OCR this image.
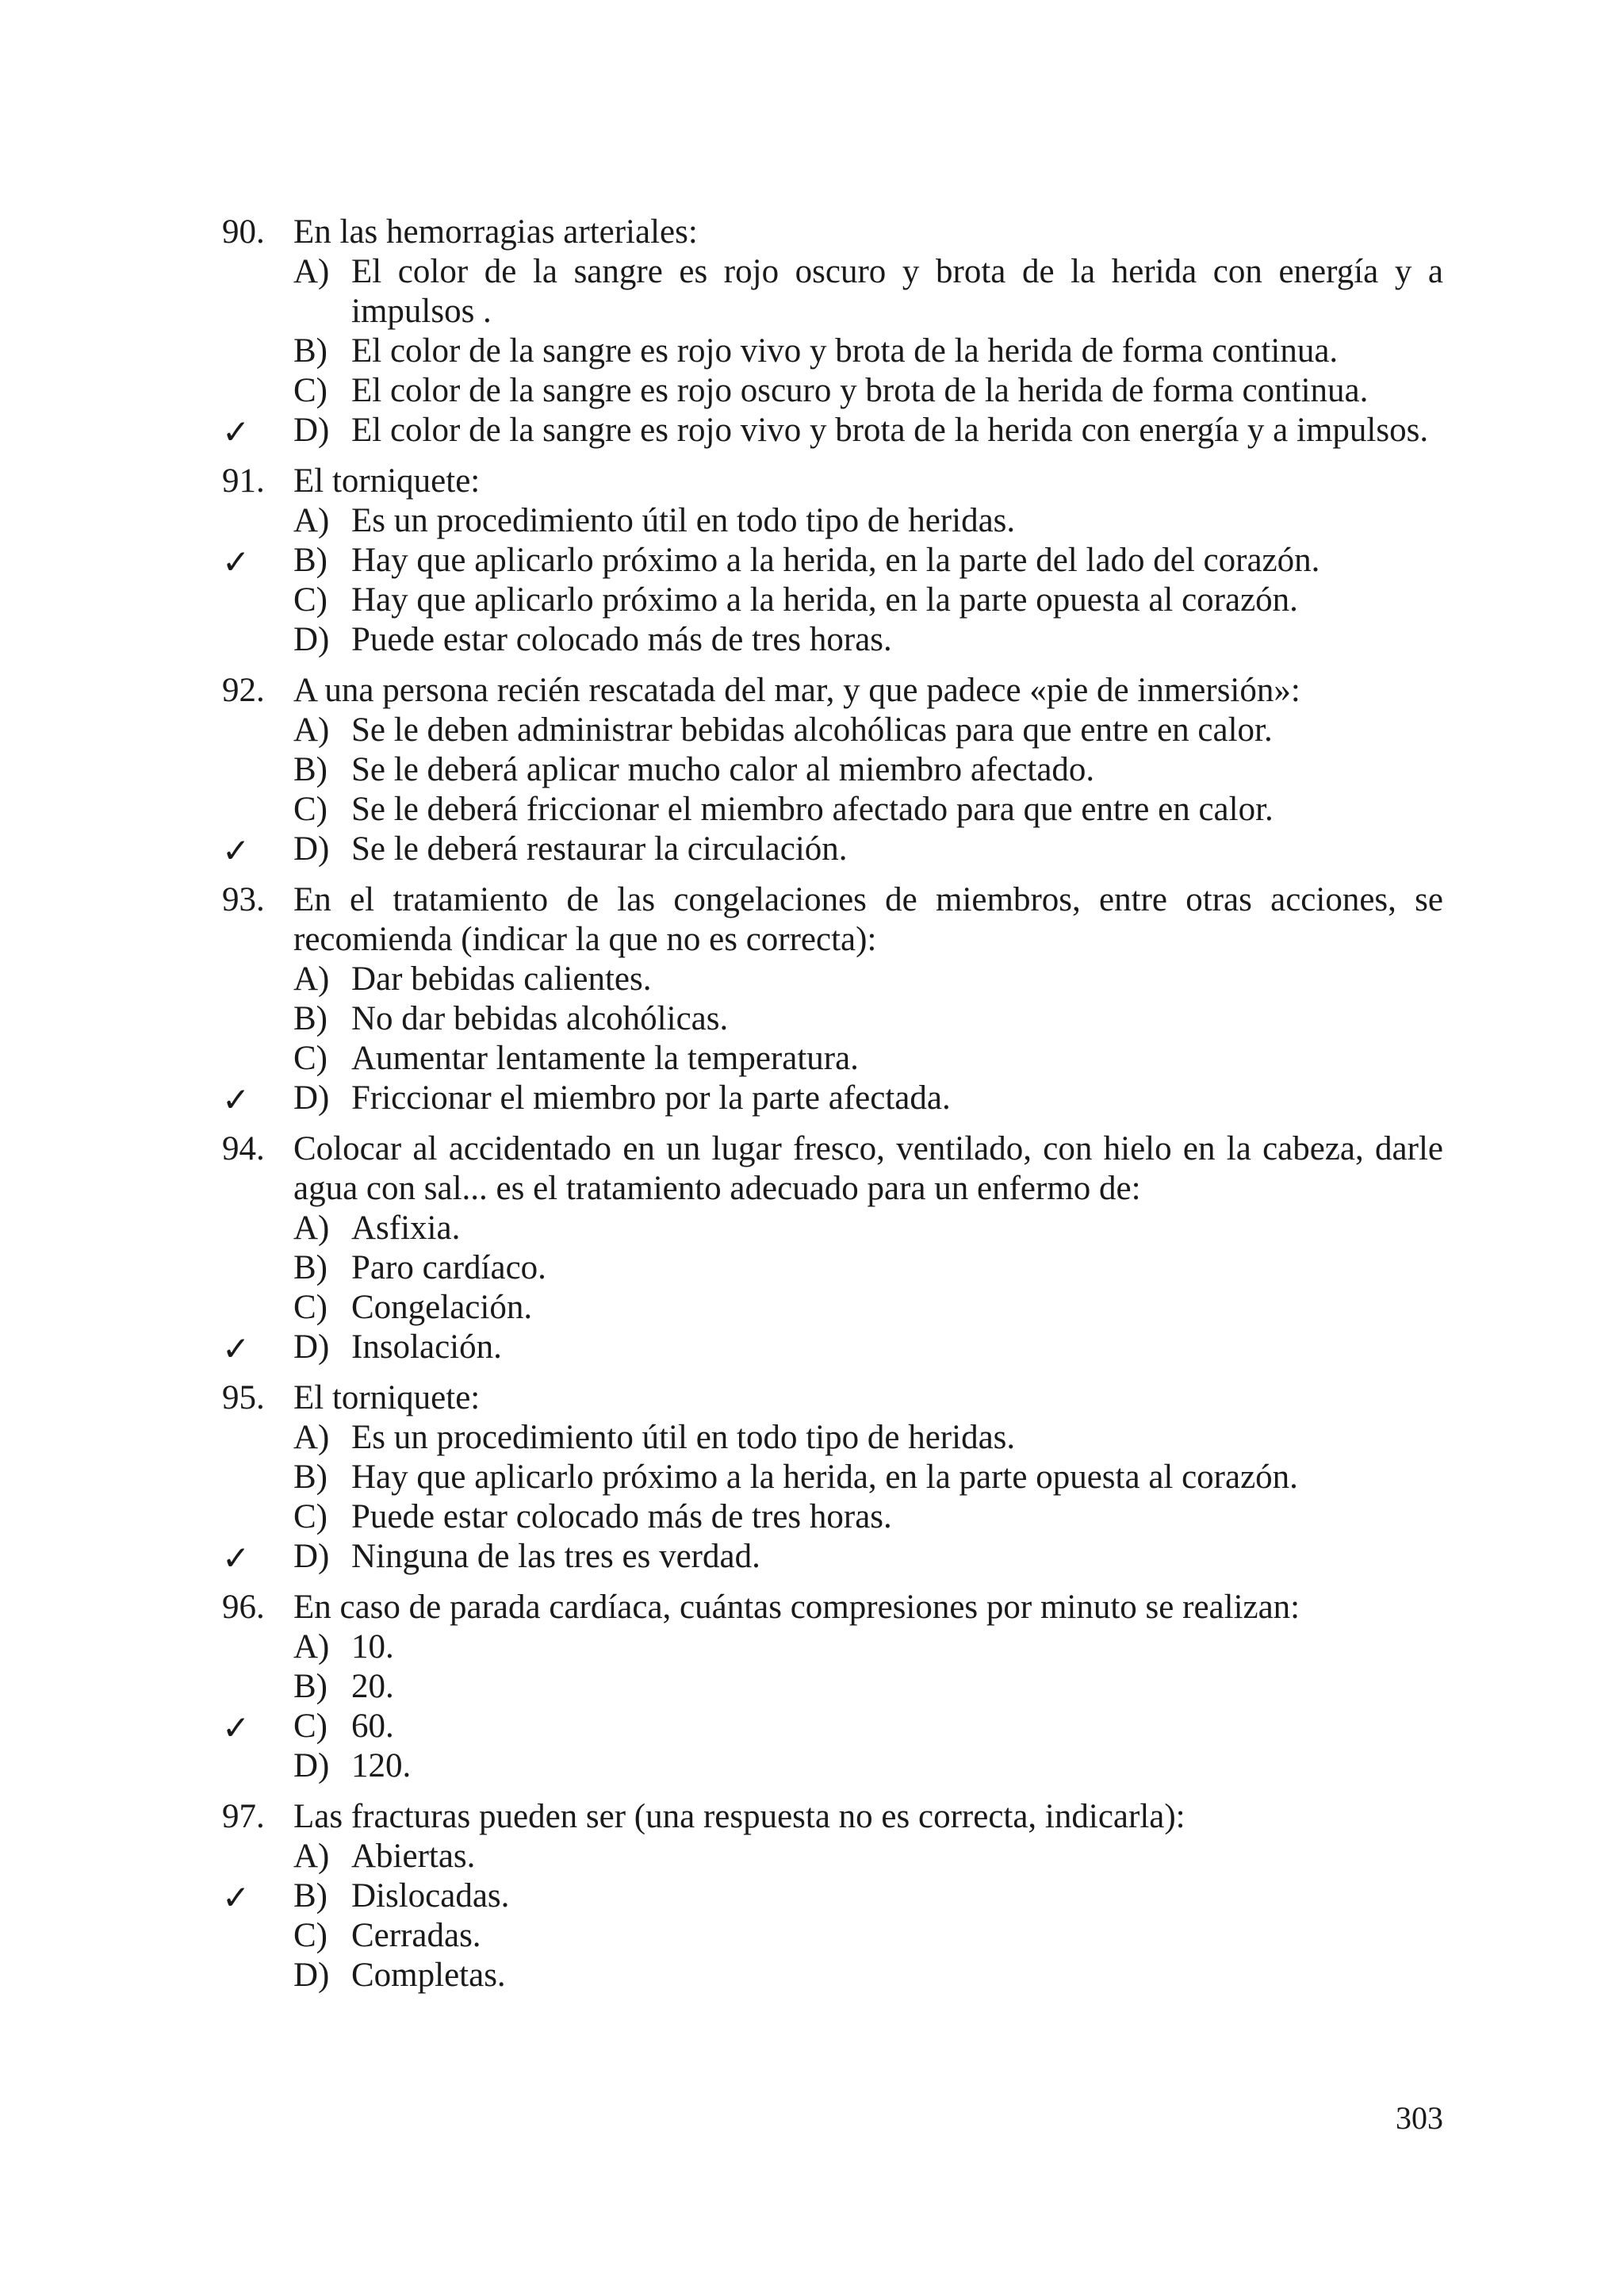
90. En las hemorragias arteriales:
A) El color de la sangre es rojo oscuro y brota de la herida con energía y a impulsos .
B) El color de la sangre es rojo vivo y brota de la herida de forma continua.
C) El color de la sangre es rojo oscuro y brota de la herida de forma continua.
✓ D) El color de la sangre es rojo vivo y brota de la herida con energía y a impulsos.
91. El torniquete:
A) Es un procedimiento útil en todo tipo de heridas.
✓ B) Hay que aplicarlo próximo a la herida, en la parte del lado del corazón.
C) Hay que aplicarlo próximo a la herida, en la parte opuesta al corazón.
D) Puede estar colocado más de tres horas.
92. A una persona recién rescatada del mar, y que padece «pie de inmersión»:
A) Se le deben administrar bebidas alcohólicas para que entre en calor.
B) Se le deberá aplicar mucho calor al miembro afectado.
C) Se le deberá friccionar el miembro afectado para que entre en calor.
✓ D) Se le deberá restaurar la circulación.
93. En el tratamiento de las congelaciones de miembros, entre otras acciones, se recomienda (indicar la que no es correcta):
A) Dar bebidas calientes.
B) No dar bebidas alcohólicas.
C) Aumentar lentamente la temperatura.
✓ D) Friccionar el miembro por la parte afectada.
94. Colocar al accidentado en un lugar fresco, ventilado, con hielo en la cabeza, darle agua con sal... es el tratamiento adecuado para un enfermo de:
A) Asfixia.
B) Paro cardíaco.
C) Congelación.
✓ D) Insolación.
95. El torniquete:
A) Es un procedimiento útil en todo tipo de heridas.
B) Hay que aplicarlo próximo a la herida, en la parte opuesta al corazón.
C) Puede estar colocado más de tres horas.
✓ D) Ninguna de las tres es verdad.
96. En caso de parada cardíaca, cuántas compresiones por minuto se realizan:
A) 10.
B) 20.
✓ C) 60.
D) 120.
97. Las fracturas pueden ser (una respuesta no es correcta, indicarla):
A) Abiertas.
✓ B) Dislocadas.
C) Cerradas.
D) Completas.
303
